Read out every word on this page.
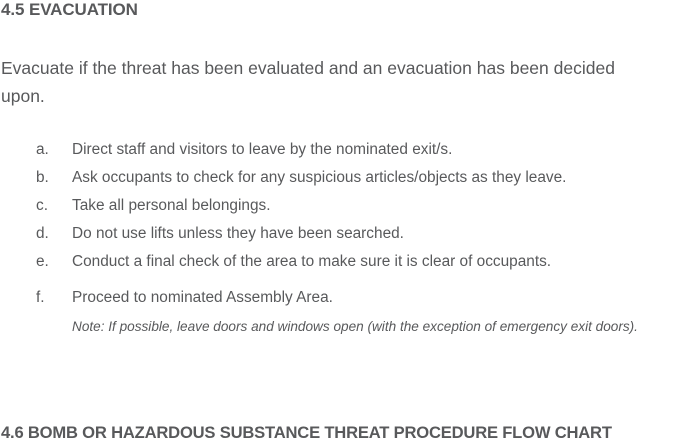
4.5 EVACUATION
Evacuate if the threat has been evaluated and an evacuation has been decided upon.
a. Direct staff and visitors to leave by the nominated exit/s.
b. Ask occupants to check for any suspicious articles/objects as they leave.
c. Take all personal belongings.
d. Do not use lifts unless they have been searched.
e. Conduct a final check of the area to make sure it is clear of occupants.
f. Proceed to nominated Assembly Area.
Note: If possible, leave doors and windows open (with the exception of emergency exit doors).
4.6 BOMB OR HAZARDOUS SUBSTANCE THREAT PROCEDURE FLOW CHART
